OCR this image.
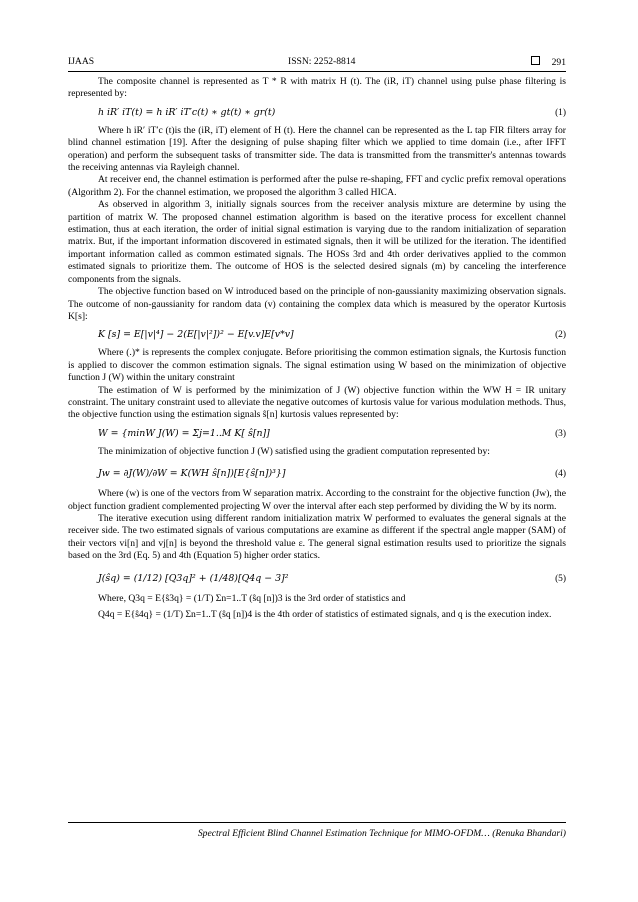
IJAAS	ISSN: 2252-8814	291

The composite channel is represented as T * R with matrix H (t). The (iR, iT) channel using pulse phase filtering is represented by:

h iR′ iT(t) = h iR′ iT′c(t) ∗ gt(t) ∗ gr(t)	(1)

Where h iR′ iT′c (t)is the (iR, iT) element of H (t). Here the channel can be represented as the L tap FIR filters array for blind channel estimation [19]. After the designing of pulse shaping filter which we applied to time domain (i.e., after IFFT operation) and perform the subsequent tasks of transmitter side. The data is transmitted from the transmitter's antennas towards the receiving antennas via Rayleigh channel.

At receiver end, the channel estimation is performed after the pulse re-shaping, FFT and cyclic prefix removal operations (Algorithm 2). For the channel estimation, we proposed the algorithm 3 called HICA.

As observed in algorithm 3, initially signals sources from the receiver analysis mixture are determine by using the partition of matrix W. The proposed channel estimation algorithm is based on the iterative process for excellent channel estimation, thus at each iteration, the order of initial signal estimation is varying due to the random initialization of separation matrix. But, if the important information discovered in estimated signals, then it will be utilized for the iteration. The identified important information called as common estimated signals. The HOSs 3rd and 4th order derivatives applied to the common estimated signals to prioritize them. The outcome of HOS is the selected desired signals (m) by canceling the interference components from the signals.

The objective function based on W introduced based on the principle of non-gaussianity maximizing observation signals. The outcome of non-gaussianity for random data (v) containing the complex data which is measured by the operator Kurtosis K[s]:

K [s] = E[|v|⁴] − 2(E[|v|²])² − E[v.v]E[v*v]	(2)

Where (.)* is represents the complex conjugate. Before prioritising the common estimation signals, the Kurtosis function is applied to discover the common estimation signals. The signal estimation using W based on the minimization of objective function J (W) within the unitary constraint

The estimation of W is performed by the minimization of J (W) objective function within the WW H = IR unitary constraint. The unitary constraint used to alleviate the negative outcomes of kurtosis value for various modulation methods. Thus, the objective function using the estimation signals ŝ[n] kurtosis values represented by:

W = {minW J(W) = Σj=1..M K[ ŝ[n]]	(3)

The minimization of objective function J (W) satisfied using the gradient computation represented by:

Jw = ∂J(W)/∂W = K(WH ŝ[n])[E{ŝ[n])³}]	(4)

Where (w) is one of the vectors from W separation matrix. According to the constraint for the objective function (Jw), the object function gradient complemented projecting W over the interval after each step performed by dividing the W by its norm.

The iterative execution using different random initialization matrix W performed to evaluates the general signals at the receiver side. The two estimated signals of various computations are examine as different if the spectral angle mapper (SAM) of their vectors vi[n] and vj[n] is beyond the threshold value ε. The general signal estimation results used to prioritize the signals based on the 3rd (Eq. 5) and 4th (Equation 5) higher order statics.

J(ŝq) = (1/12) [Q3q]² + (1/48)[Q4q − 3]²	(5)

Where, Q3q = E{ŝ3q} = (1/T) Σn=1..T (ŝq [n])3 is the 3rd order of statistics and

Q4q = E{ŝ4q} = (1/T) Σn=1..T (ŝq [n])4 is the 4th order of statistics of estimated signals, and q is the execution index.

Spectral Efficient Blind Channel Estimation Technique for MIMO-OFDM… (Renuka Bhandari)
